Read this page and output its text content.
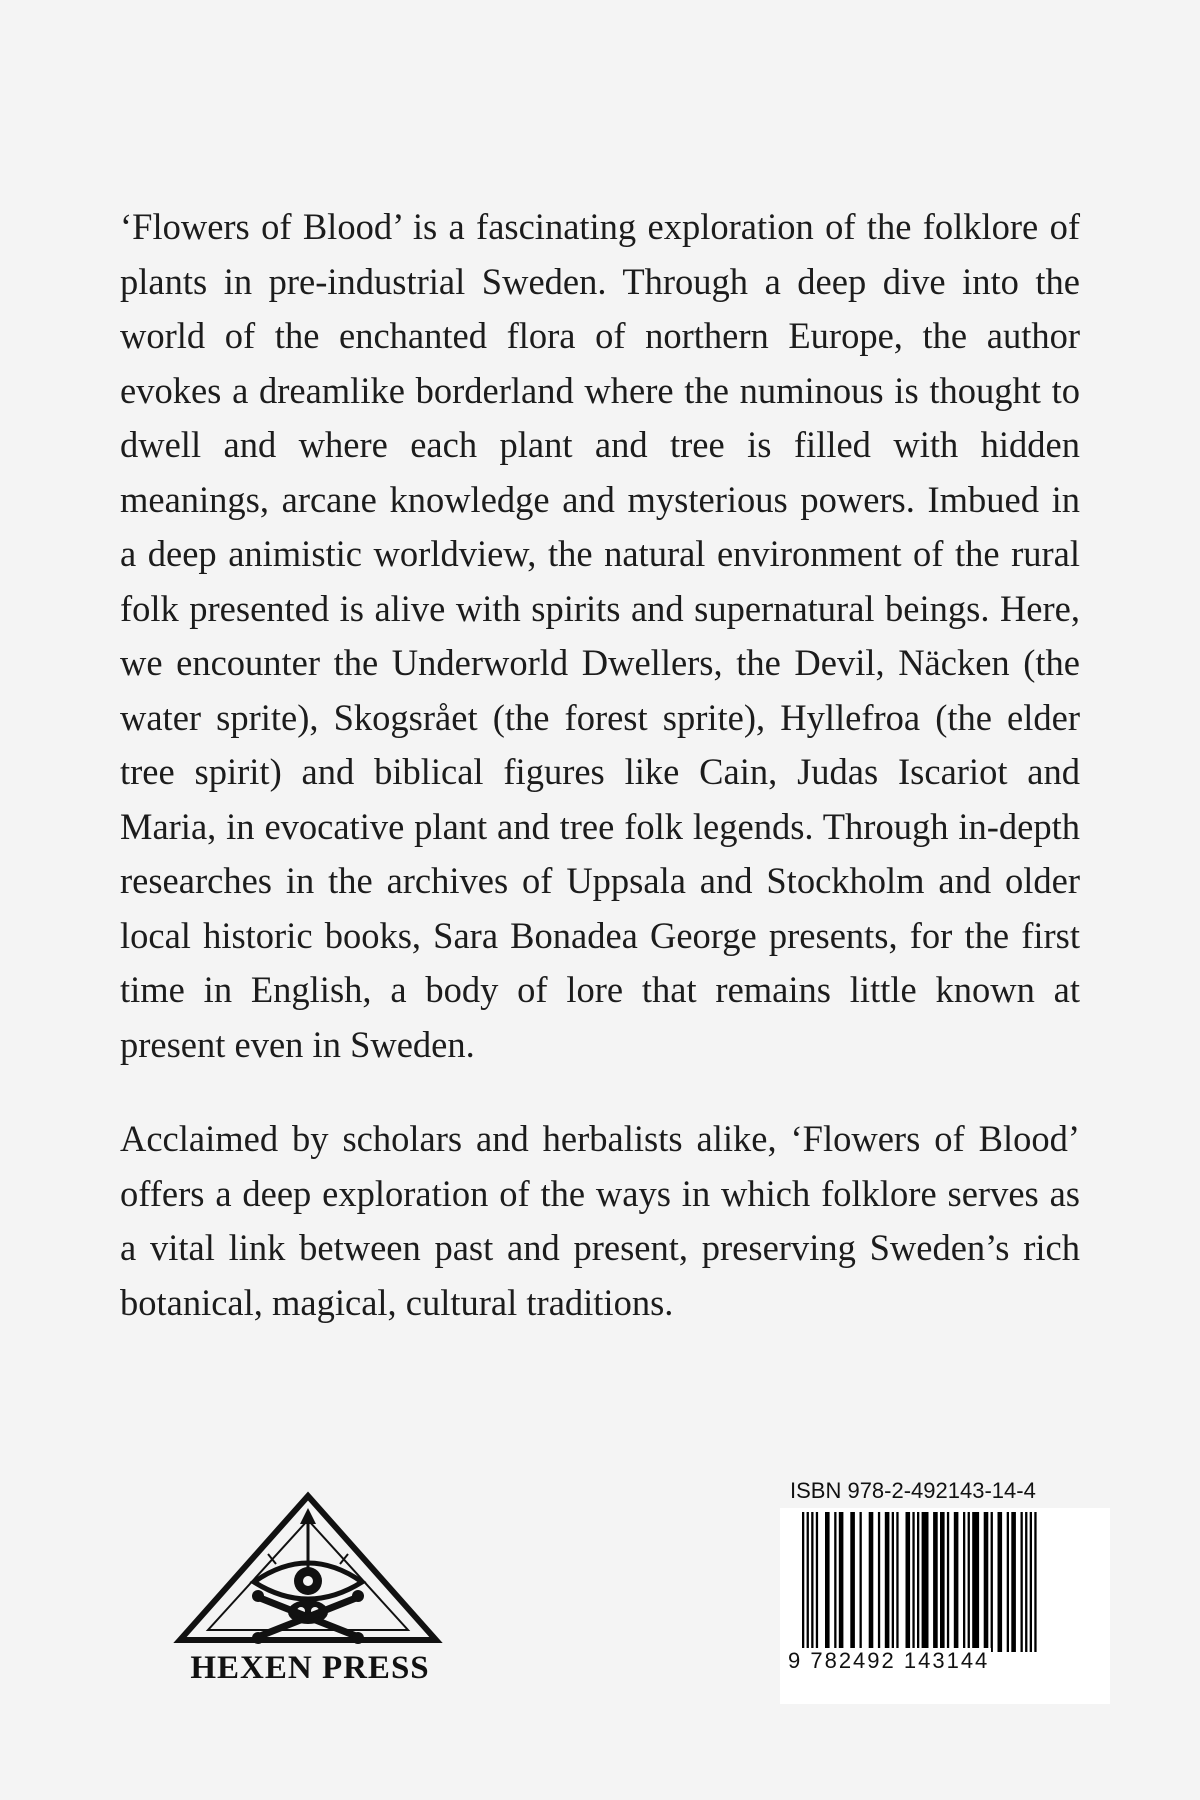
‘Flowers of Blood’ is a fascinating exploration of the folklore of plants in pre-industrial Sweden. Through a deep dive into the world of the enchanted flora of northern Europe, the author evokes a dreamlike borderland where the numinous is thought to dwell and where each plant and tree is filled with hidden meanings, arcane knowledge and mysterious powers. Imbued in a deep animistic worldview, the natural environment of the rural folk presented is alive with spirits and supernatural beings. Here, we encounter the Underworld Dwellers, the Devil, Näcken (the water sprite), Skogsrået (the forest sprite), Hyllefroa (the elder tree spirit) and biblical figures like Cain, Judas Iscariot and Maria, in evocative plant and tree folk legends. Through in-depth researches in the archives of Uppsala and Stockholm and older local historic books, Sara Bonadea George presents, for the first time in English, a body of lore that remains little known at present even in Sweden.

Acclaimed by scholars and herbalists alike, ‘Flowers of Blood’ offers a deep exploration of the ways in which folklore serves as a vital link between past and present, preserving Sweden’s rich botanical, magical, cultural traditions.

HEXEN PRESS
ISBN 978-2-492143-14-4
9 782492 143144
